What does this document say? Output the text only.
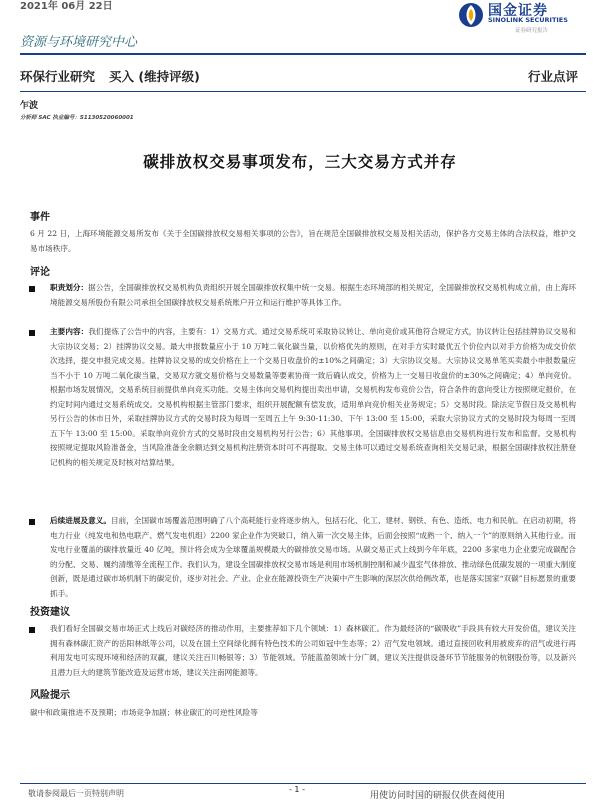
2021年 06月 22日	国金证券
SINOLINK SECURITIES
证券研究报告
资源与环境研究中心
环保行业研究 买入 (维持评级)	行业点评
乍波
分析师 SAC 执业编号：S1130520060001
碳排放权交易事项发布，三大交易方式并存
事件
6 月 22 日，上海环境能源交易所发布《关于全国碳排放权交易相关事项的公告》，旨在规范全国碳排放权交易及相关活动，保护各方交易主体的合法权益，维护交易市场秩序。
评论
职责划分：据公告，全国碳排放权交易机构负责组织开展全国碳排放权集中统一交易。根据生态环境部的相关规定，全国碳排放权交易机构成立前，由上海环境能源交易所股份有限公司承担全国碳排放权交易系统账户开立和运行维护等具体工作。
主要内容：我们提炼了公告中的内容，主要有：1）交易方式。通过交易系统可采取协议转让、单向竞价或其他符合规定方式，协议转让包括挂牌协议交易和大宗协议交易；2）挂牌协议交易。最大申报数量应小于 10 万吨二氧化碳当量，以价格优先的原则，在对手方实时最优五个价位内以对手方价格为成交价依次选择，提交申报完成交易。挂牌协议交易的成交价格在上一个交易日收盘价的±10%之间确定；3）大宗协议交易。大宗协议交易单笔买卖最小申报数量应当不小于 10 万吨二氧化碳当量，交易双方就交易价格与交易数量等要素协商一致后确认成交，价格为上一交易日收盘价的±30%之间确定；4）单向竞价。根据市场发展情况，交易系统目前提供单向竞买功能。交易主体向交易机构提出卖出申请，交易机构发布竞价公告，符合条件的意向受让方按照规定报价，在约定时间内通过交易系统成交。交易机构根据主管部门要求，组织开展配额有偿发放，适用单向竞价相关业务规定；5）交易时段。除法定节假日及交易机构另行公告的休市日外，采取挂牌协议方式的交易时段为每周一至周五上午 9:30-11:30、下午 13:00 至 15:00，采取大宗协议方式的交易时段为每周一至周五下午 13:00 至 15:00。采取单向竞价方式的交易时段由交易机构另行公告；6）其他事项。全国碳排放权交易信息由交易机构进行发布和监督。交易机构按照规定提取风险准备金，当风险准备金余额达到交易机构注册资本时可不再提取。交易主体可以通过交易系统查询相关交易记录，根据全国碳排放权注册登记机构的相关规定及时核对结算结果。
后续进展及意义。目前，全国碳市场覆盖范围明确了八个高耗能行业将逐步纳入，包括石化、化工、建材、钢铁、有色、造纸、电力和民航。在启动初期，将电力行业（纯发电和热电联产、燃气发电机组）2200 家企业作为突破口，纳入第一次交易主体，后面会按照“成熟一个、纳入一个”的原则纳入其他行业。而发电行业覆盖的碳排放量近 40 亿吨，预计将会成为全球覆盖规模最大的碳排放交易市场。从碳交易正式上线到今年年底，2200 多家电力企业要完成碳配合的分配、交易、履约清缴等全流程工作。我们认为，建设全国碳排放权交易市场是利用市场机制控制和减少温室气体排放、推动绿色低碳发展的一项重大制度创新，既是通过碳市场机制下的碳定价，逐步对社会、产业、企业在能源投资生产决策中产生影响的深层次供给侧改革，也是落实国家“双碳”目标愿景的重要抓手。
投资建议
我们看好全国碳交易市场正式上线后对碳经济的推动作用，主要推荐如下几个领域：1）森林碳汇。作为最经济的“碳吸收”手段具有较大开发价值，建议关注拥有森林碳汇资产的岳阳林纸等公司，以及在国土空间绿化拥有特色技术的公司如冠中生态等；2）沼气发电领域。通过直接回收利用被废弃的沼气或进行再利用发电可实现环境和经济的双赢，建议关注百川畅银等；3）节能领域。节能蓝盈领域十分广阔，建议关注提供设备环节节能服务的杭钢股份等，以及新兴且潜力巨大的建筑节能改造及运营市场，建议关注南网能源等。
风险提示
碳中和政策推进不及预期；市场竞争加剧；林业碳汇的可逆性风险等
敬请参阅最后一页特别声明	- 1 -
用使访问时国的研报仅供查阅使用
